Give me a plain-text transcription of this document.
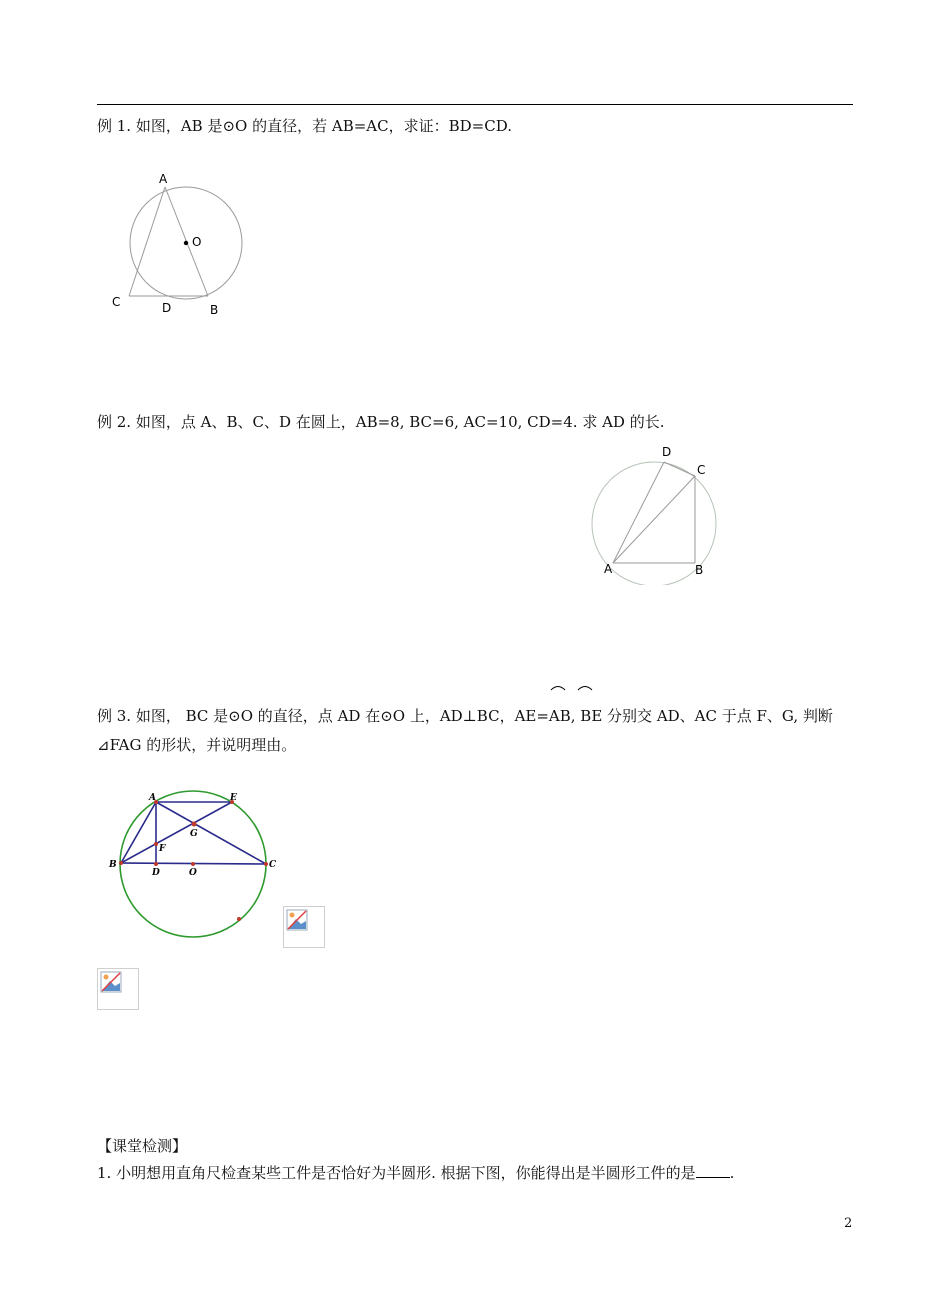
例 1. 如图，AB 是⊙O 的直径，若 AB=AC，求证：BD=CD.
A
O
C	D	B
例 2. 如图，点 A、B、C、D 在圆上，AB=8, BC=6, AC=10, CD=4. 求 AD 的长.
D
C
A	B
例 3. 如图， BC 是⊙O 的直径，点 AD 在⊙O 上，AD⊥BC，AE=AB, BE 分别交 AD、AC 于点 F、G, 判断
⊿FAG 的形状，并说明理由。
A	E
G
F
B
D	O
C
【课堂检测】
1. 小明想用直角尺检查某些工件是否恰好为半圆形. 根据下图，你能得出是半圆形工件的是 .
2
